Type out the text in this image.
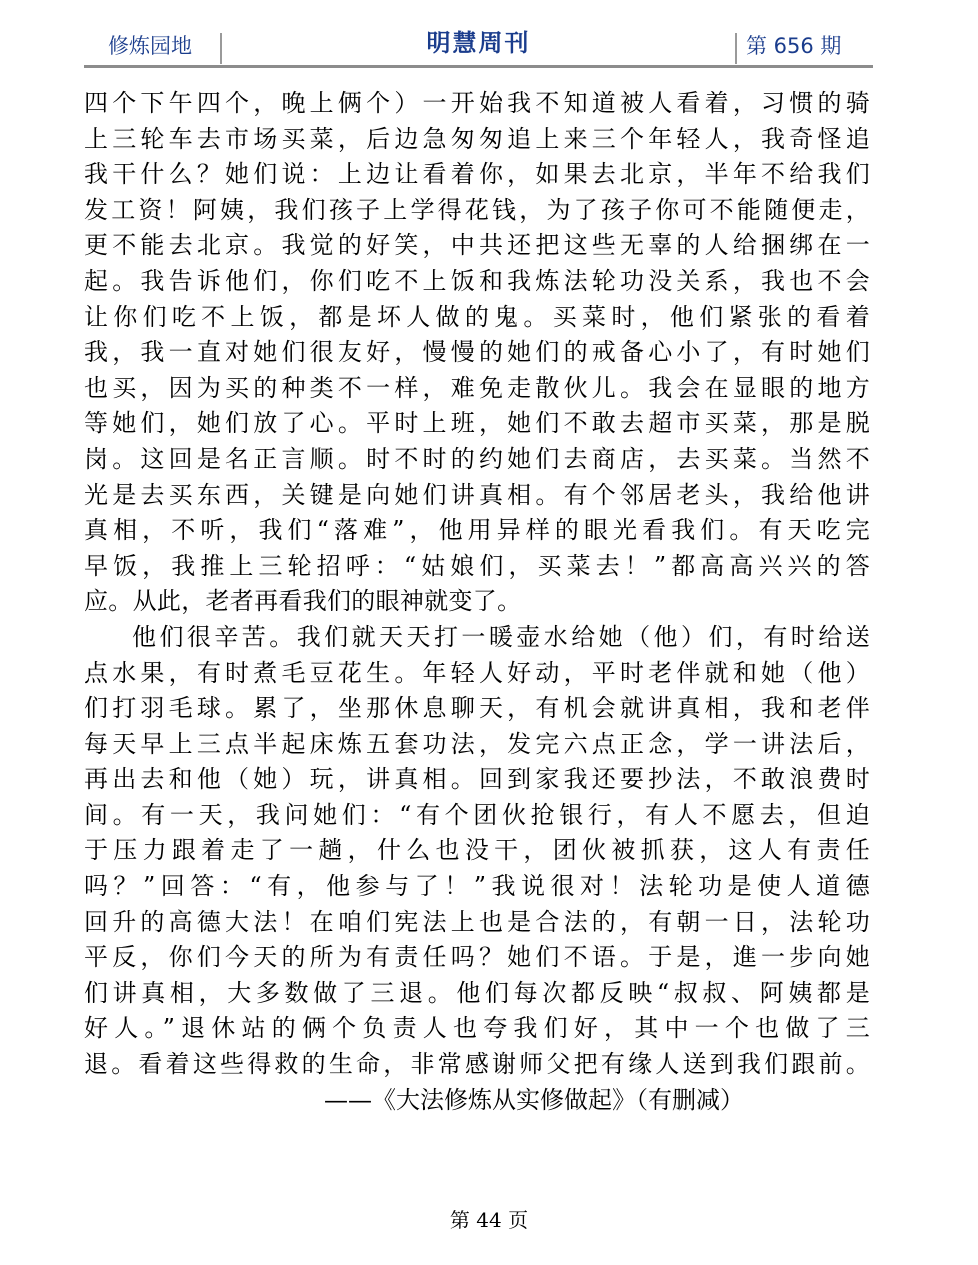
修炼园地	明慧周刊	第 656 期
四个下午四个，晚上俩个）一开始我不知道被人看着，习惯的骑
上三轮车去市场买菜，后边急匆匆追上来三个年轻人，我奇怪追
我干什么？她们说：上边让看着你，如果去北京，半年不给我们
发工资！阿姨，我们孩子上学得花钱，为了孩子你可不能随便走，
更不能去北京。我觉的好笑，中共还把这些无辜的人给捆绑在一
起。我告诉他们，你们吃不上饭和我炼法轮功没关系，我也不会
让你们吃不上饭，都是坏人做的鬼。买菜时，他们紧张的看着
我，我一直对她们很友好，慢慢的她们的戒备心小了，有时她们
也买，因为买的种类不一样，难免走散伙儿。我会在显眼的地方
等她们，她们放了心。平时上班，她们不敢去超市买菜，那是脱
岗。这回是名正言顺。时不时的约她们去商店，去买菜。当然不
光是去买东西，关键是向她们讲真相。有个邻居老头，我给他讲
真相，不听，我们“落难”，他用异样的眼光看我们。有天吃完
早饭，我推上三轮招呼：“姑娘们，买菜去！”都高高兴兴的答
应。从此，老者再看我们的眼神就变了。
他们很辛苦。我们就天天打一暖壶水给她（他）们，有时给送
点水果，有时煮毛豆花生。年轻人好动，平时老伴就和她（他）
们打羽毛球。累了，坐那休息聊天，有机会就讲真相，我和老伴
每天早上三点半起床炼五套功法，发完六点正念，学一讲法后，
再出去和他（她）玩，讲真相。回到家我还要抄法，不敢浪费时
间。有一天，我问她们：“有个团伙抢银行，有人不愿去，但迫
于压力跟着走了一趟，什么也没干，团伙被抓获，这人有责任
吗？”回答：“有，他参与了！”我说很对！法轮功是使人道德
回升的高德大法！在咱们宪法上也是合法的，有朝一日，法轮功
平反，你们今天的所为有责任吗？她们不语。于是，進一步向她
们讲真相，大多数做了三退。他们每次都反映“叔叔、阿姨都是
好人。”退休站的俩个负责人也夸我们好，其中一个也做了三
退。看着这些得救的生命，非常感谢师父把有缘人送到我们跟前。
——《大法修炼从实修做起》（有删减）
第 44 页
